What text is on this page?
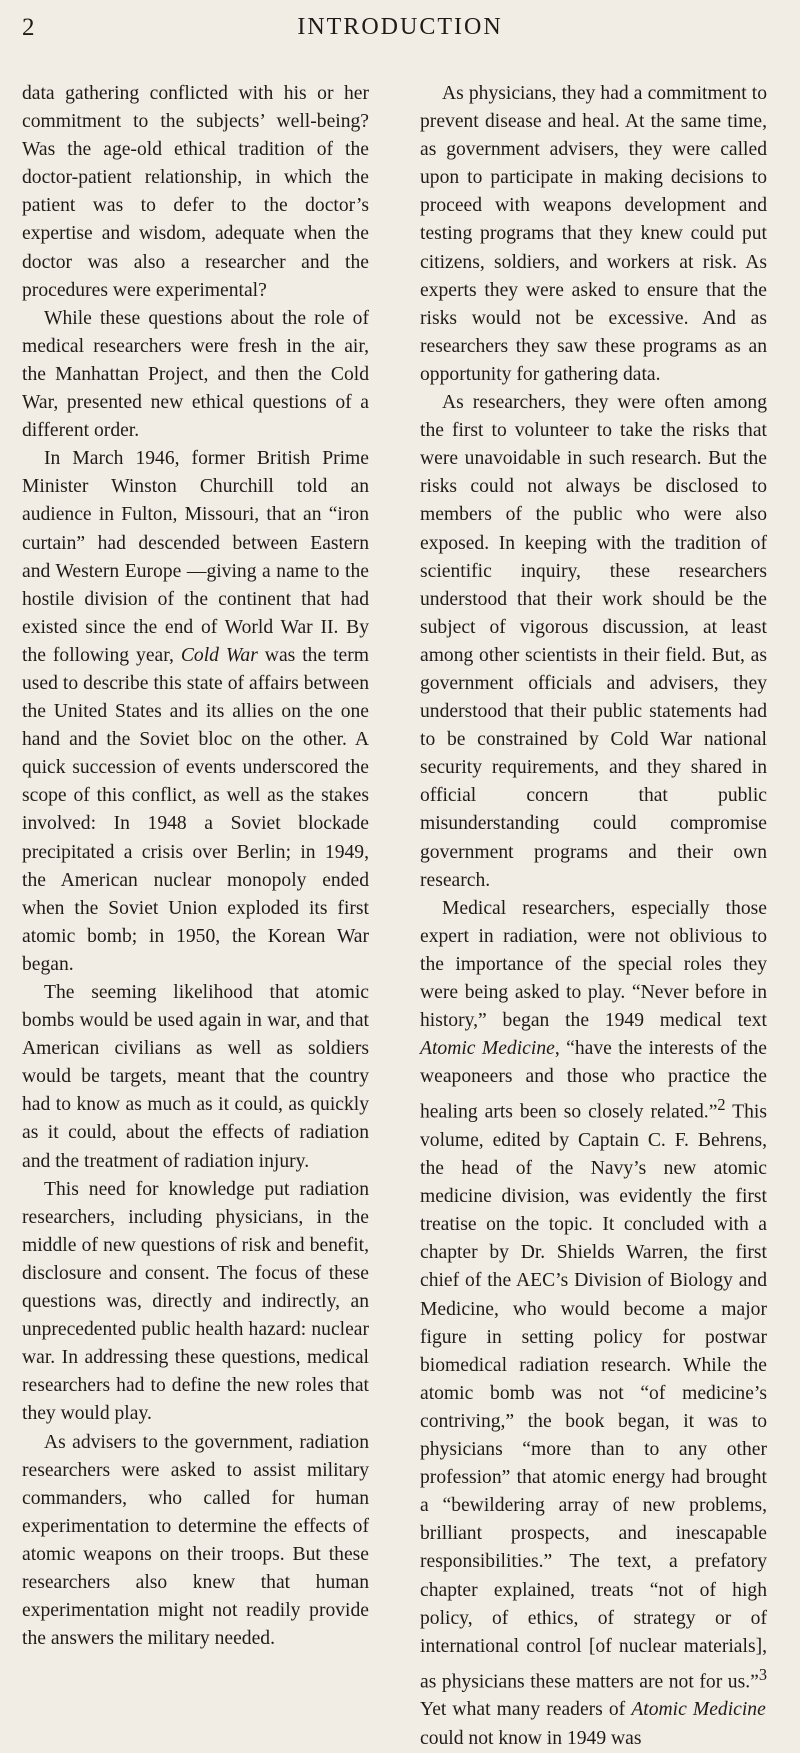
2	INTRODUCTION

data gathering conflicted with his or her commitment to the subjects’ well-being? Was the age-old ethical tradition of the doctor-patient relationship, in which the patient was to defer to the doctor’s expertise and wisdom, adequate when the doctor was also a researcher and the procedures were experimental?

While these questions about the role of medical researchers were fresh in the air, the Manhattan Project, and then the Cold War, presented new ethical questions of a different order.

In March 1946, former British Prime Minister Winston Churchill told an audience in Fulton, Missouri, that an “iron curtain” had descended between Eastern and Western Europe —giving a name to the hostile division of the continent that had existed since the end of World War II. By the following year, Cold War was the term used to describe this state of affairs between the United States and its allies on the one hand and the Soviet bloc on the other. A quick succession of events underscored the scope of this conflict, as well as the stakes involved: In 1948 a Soviet blockade precipitated a crisis over Berlin; in 1949, the American nuclear monopoly ended when the Soviet Union exploded its first atomic bomb; in 1950, the Korean War began.

The seeming likelihood that atomic bombs would be used again in war, and that American civilians as well as soldiers would be targets, meant that the country had to know as much as it could, as quickly as it could, about the effects of radiation and the treatment of radiation injury.

This need for knowledge put radiation researchers, including physicians, in the middle of new questions of risk and benefit, disclosure and consent. The focus of these questions was, directly and indirectly, an unprecedented public health hazard: nuclear war. In addressing these questions, medical researchers had to define the new roles that they would play.

As advisers to the government, radiation researchers were asked to assist military commanders, who called for human experimentation to determine the effects of atomic weapons on their troops. But these researchers also knew that human experimentation might not readily provide the answers the military needed.

As physicians, they had a commitment to prevent disease and heal. At the same time, as government advisers, they were called upon to participate in making decisions to proceed with weapons development and testing programs that they knew could put citizens, soldiers, and workers at risk. As experts they were asked to ensure that the risks would not be excessive. And as researchers they saw these programs as an opportunity for gathering data.

As researchers, they were often among the first to volunteer to take the risks that were unavoidable in such research. But the risks could not always be disclosed to members of the public who were also exposed. In keeping with the tradition of scientific inquiry, these researchers understood that their work should be the subject of vigorous discussion, at least among other scientists in their field. But, as government officials and advisers, they understood that their public statements had to be constrained by Cold War national security requirements, and they shared in official concern that public misunderstanding could compromise government programs and their own research.

Medical researchers, especially those expert in radiation, were not oblivious to the importance of the special roles they were being asked to play. “Never before in history,” began the 1949 medical text Atomic Medicine, “have the interests of the weaponeers and those who practice the healing arts been so closely related.”$^2$ This volume, edited by Captain C. F. Behrens, the head of the Navy’s new atomic medicine division, was evidently the first treatise on the topic. It concluded with a chapter by Dr. Shields Warren, the first chief of the AEC’s Division of Biology and Medicine, who would become a major figure in setting policy for postwar biomedical radiation research. While the atomic bomb was not “of medicine’s contriving,” the book began, it was to physicians “more than to any other profession” that atomic energy had brought a “bewildering array of new problems, brilliant prospects, and inescapable responsibilities.” The text, a prefatory chapter explained, treats “not of high policy, of ethics, of strategy or of international control [of nuclear materials], as physicians these matters are not for us.”$^3$ Yet what many readers of Atomic Medicine could not know in 1949 was
